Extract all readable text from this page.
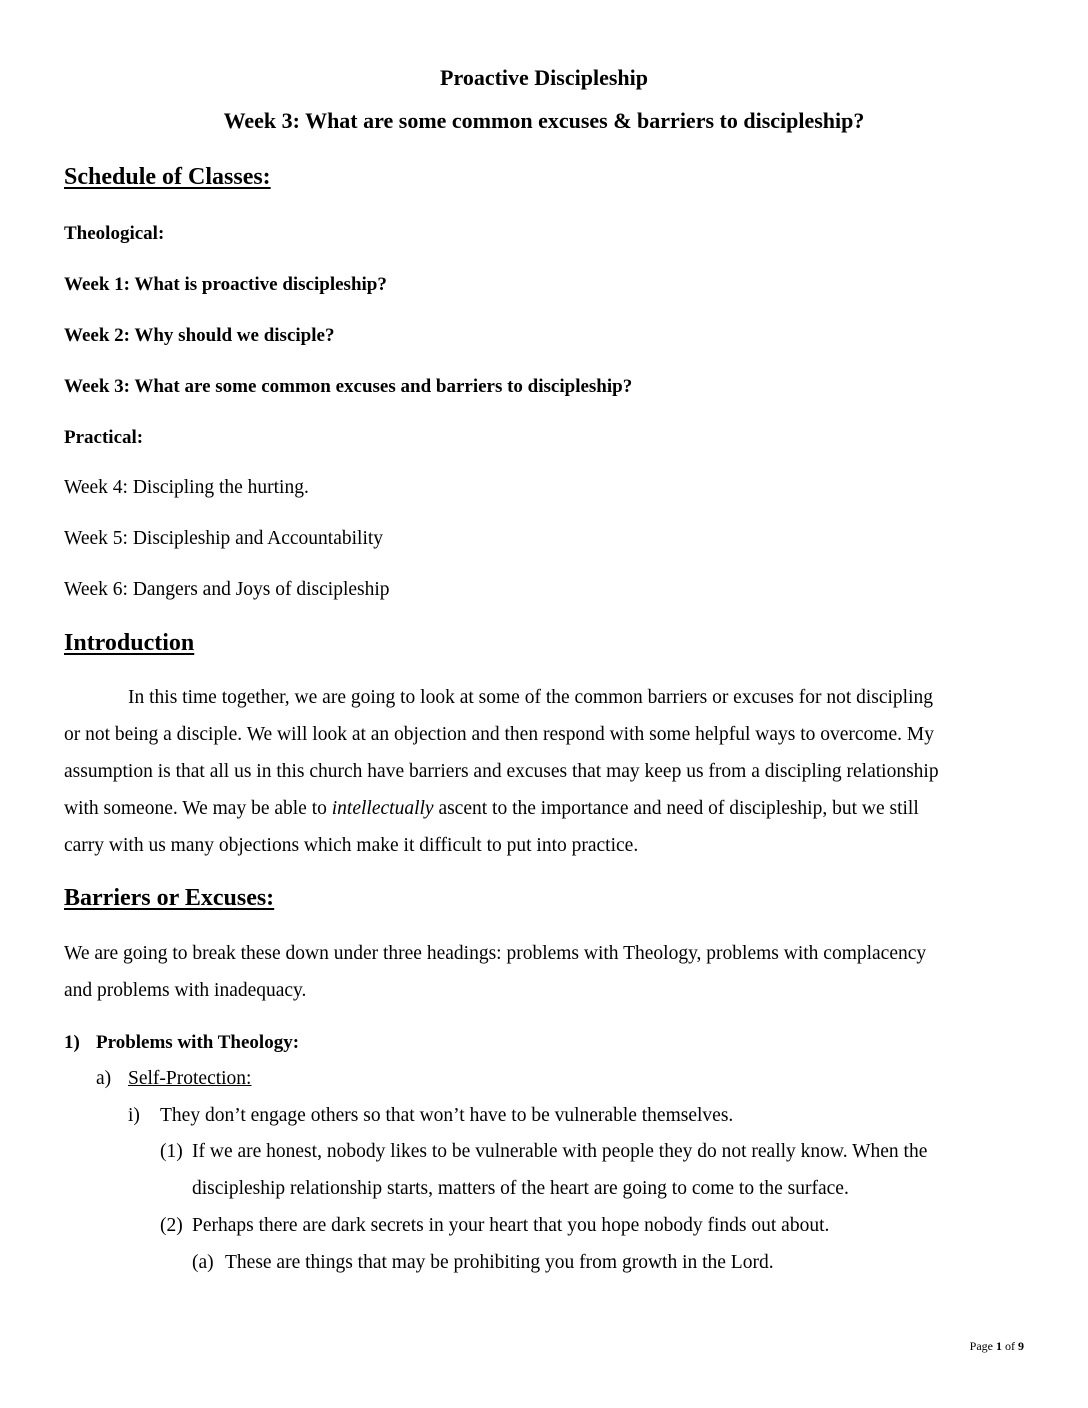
Proactive Discipleship
Week 3: What are some common excuses & barriers to discipleship?
Schedule of Classes:
Theological:
Week 1: What is proactive discipleship?
Week 2: Why should we disciple?
Week 3: What are some common excuses and barriers to discipleship?
Practical:
Week 4: Discipling the hurting.
Week 5: Discipleship and Accountability
Week 6: Dangers and Joys of discipleship
Introduction
In this time together, we are going to look at some of the common barriers or excuses for not discipling
or not being a disciple. We will look at an objection and then respond with some helpful ways to overcome. My
assumption is that all us in this church have barriers and excuses that may keep us from a discipling relationship
with someone. We may be able to intellectually ascent to the importance and need of discipleship, but we still
carry with us many objections which make it difficult to put into practice.
Barriers or Excuses:
We are going to break these down under three headings: problems with Theology, problems with complacency
and problems with inadequacy.
1) Problems with Theology:
a) Self-Protection:
i) They don’t engage others so that won’t have to be vulnerable themselves.
(1) If we are honest, nobody likes to be vulnerable with people they do not really know. When the
discipleship relationship starts, matters of the heart are going to come to the surface.
(2) Perhaps there are dark secrets in your heart that you hope nobody finds out about.
(a) These are things that may be prohibiting you from growth in the Lord.
Page 1 of 9
